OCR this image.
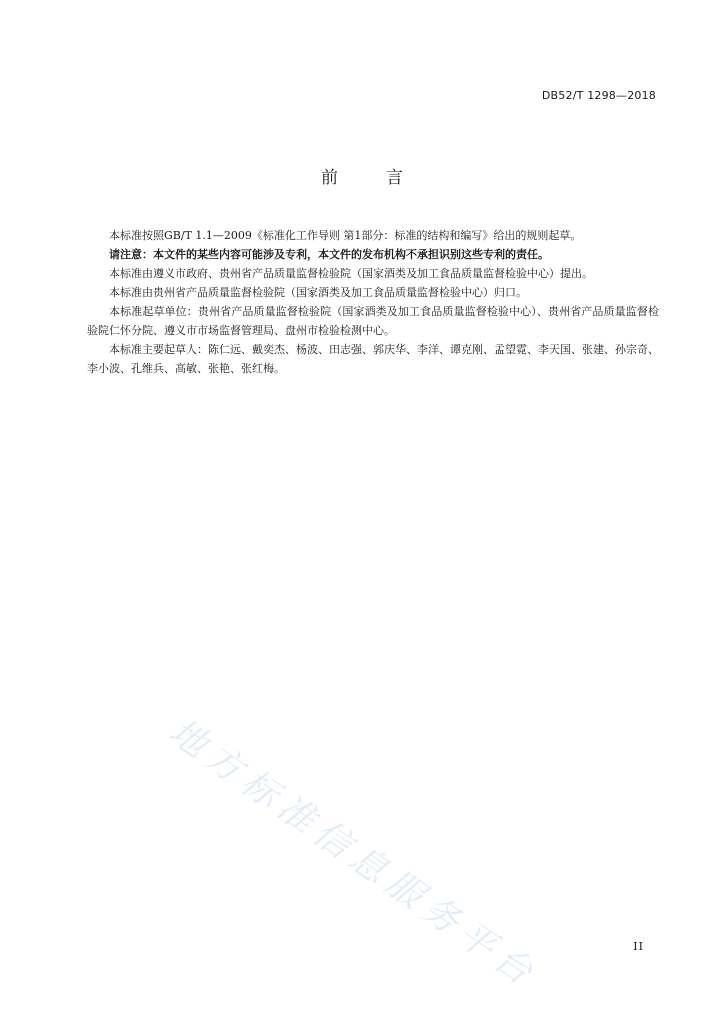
DB52/T 1298—2018
前	言

本标准按照GB/T 1.1—2009《标准化工作导则 第1部分：标准的结构和编写》给出的规则起草。

请注意：本文件的某些内容可能涉及专利，本文件的发布机构不承担识别这些专利的责任。

本标准由遵义市政府、贵州省产品质量监督检验院（国家酒类及加工食品质量监督检验中心）提出。

本标准由贵州省产品质量监督检验院（国家酒类及加工食品质量监督检验中心）归口。

本标准起草单位：贵州省产品质量监督检验院（国家酒类及加工食品质量监督检验中心）、贵州省产品质量监督检验院仁怀分院、遵义市市场监督管理局、盘州市检验检测中心。

本标准主要起草人：陈仁远、戴奕杰、杨波、田志强、郭庆华、李洋、谭克刚、孟望霓、李天国、张建、孙宗奇、李小波、孔维兵、高敏、张艳、张红梅。

地方标准信息服务平台	II
